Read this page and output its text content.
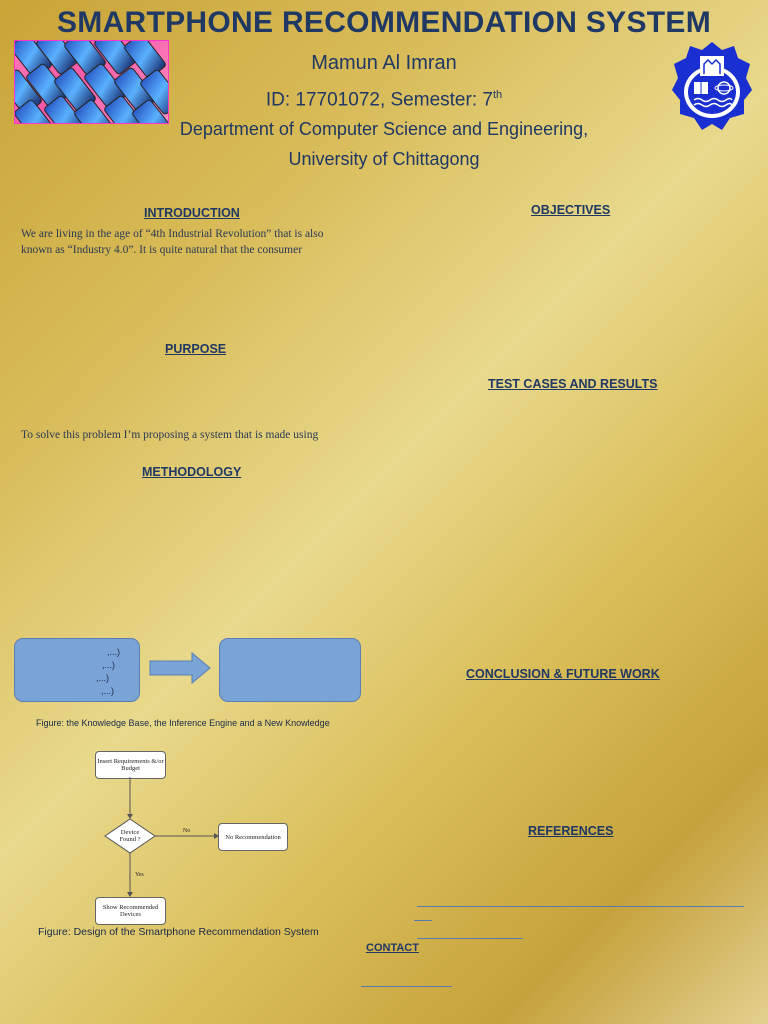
SMARTPHONE RECOMMENDATION SYSTEM
Mamun Al Imran
ID: 17701072, Semester: 7th
Department of Computer Science and Engineering,
University of Chittagong
INTRODUCTION
We are living in the age of “4th Industrial Revolution” that is also
known as “Industry 4.0”. It is quite natural that the consumer
PURPOSE
To solve this problem I’m proposing a system that is made using
METHODOLOGY
,...)
,...)
,...)
,...)
Figure: the Knowledge Base, the Inference Engine and a New Knowledge
Insert Requirements &/or Budget
Device Found ?
No
Yes
No Recommendation
Show Recommended Devices
Figure: Design of the Smartphone Recommendation System
OBJECTIVES
TEST CASES AND RESULTS
CONCLUSION & FUTURE WORK
REFERENCES
CONTACT
